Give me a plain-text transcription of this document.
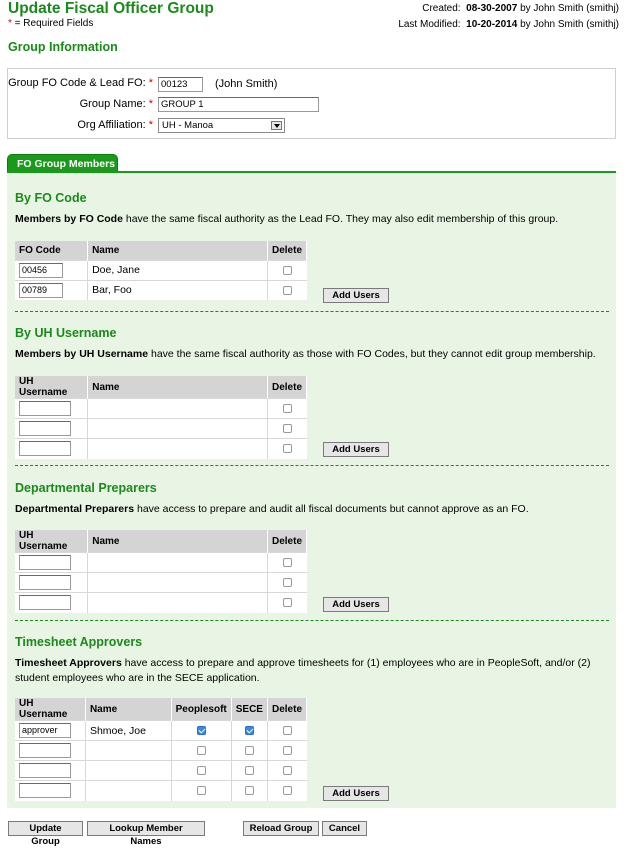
Update Fiscal Officer Group
* = Required Fields
Created: 08-30-2007 by John Smith (smithj)
Last Modified: 10-20-2014 by John Smith (smithj)
Group Information
Group FO Code & Lead FO: * 00123	(John Smith)
Group Name: * GROUP 1
Org Affiliation: * UH - Manoa
FO Group Members
By FO Code
Members by FO Code have the same fiscal authority as the Lead FO. They may also edit membership of this group.
FO Code	Name	Delete

00456	Doe, Jane	

00789	Bar, Foo		Add Users
By UH Username
Members by UH Username have the same fiscal authority as those with FO Codes, but they cannot edit group membership.
UH Username	Name	Delete

Add Users
Departmental Preparers
Departmental Preparers have access to prepare and audit all fiscal documents but cannot approve as an FO.
UH Username	Name	Delete

Add Users
Timesheet Approvers
Timesheet Approvers have access to prepare and approve timesheets for (1) employees who are in PeopleSoft, and/or (2) student employees who are in the SECE application.
UH Username	Name	Peoplesoft	SECE	Delete

approver	Shmoe, Joe			

Add Users
Update Group
Lookup Member Names
Reload Group	Cancel
